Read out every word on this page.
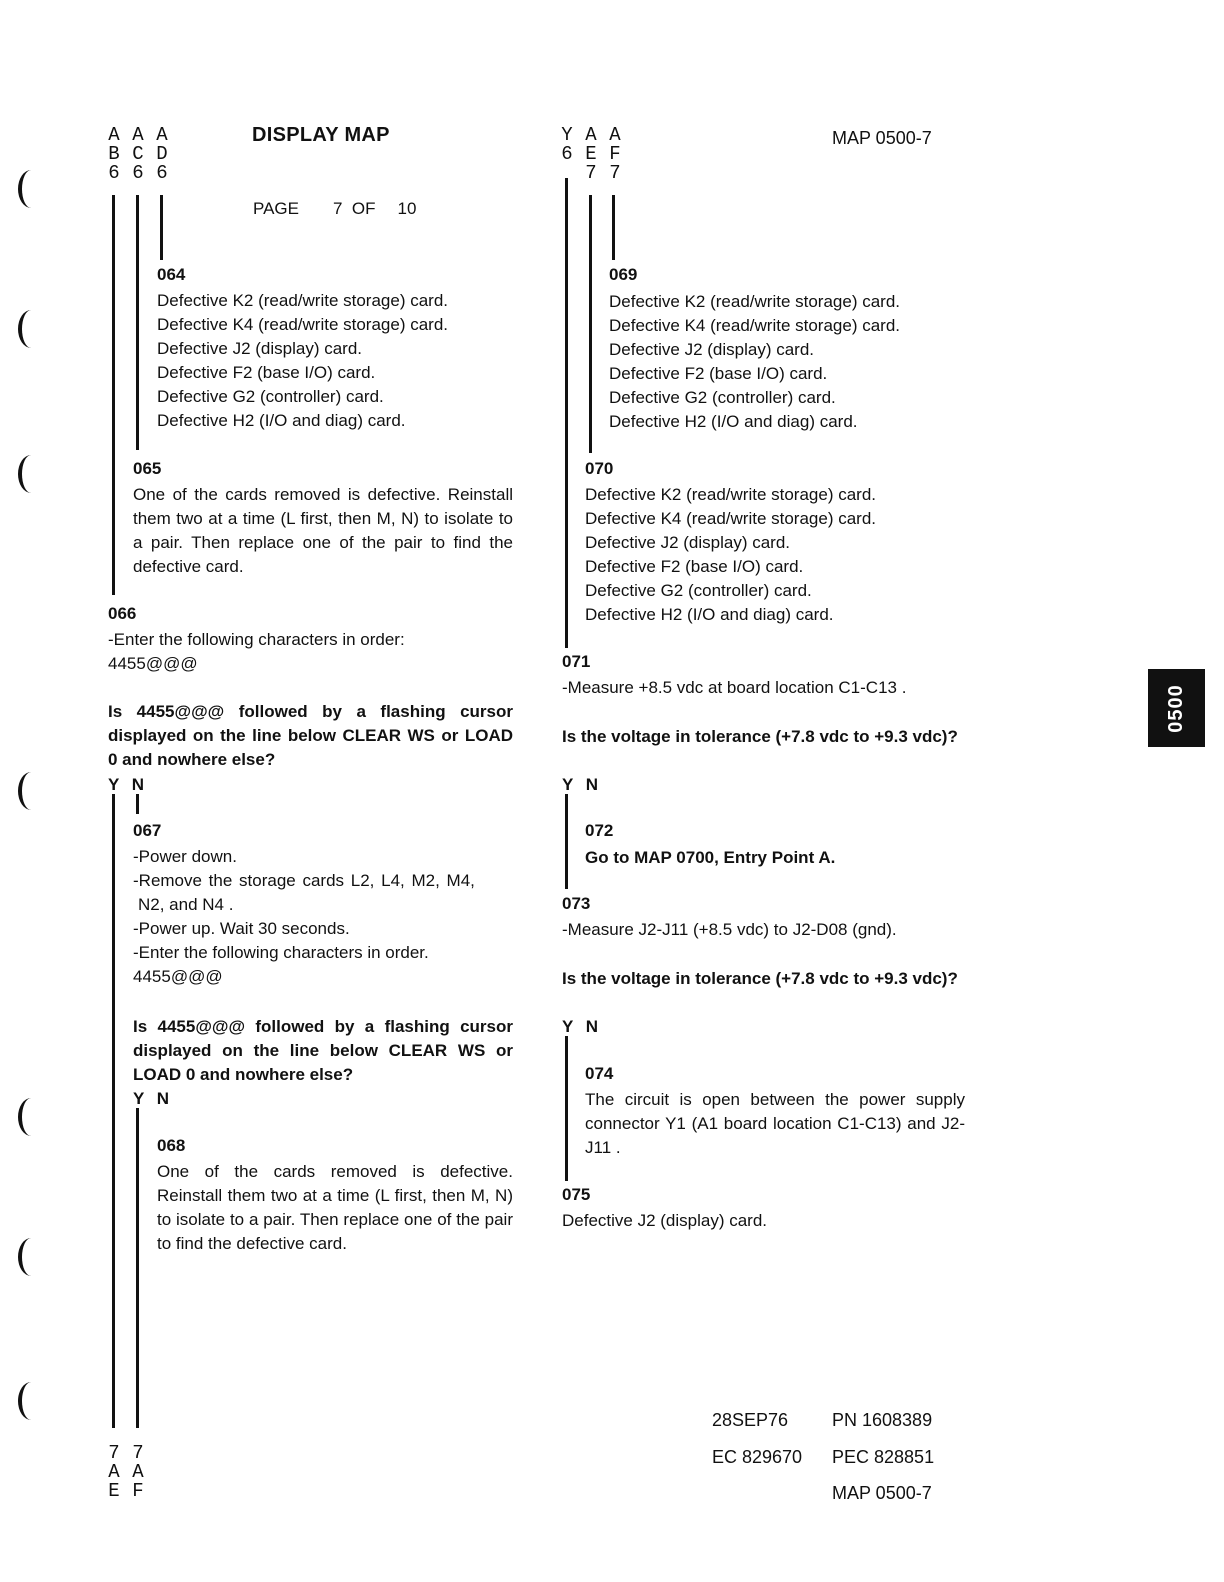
0500
A
B
6
A
C
6
A
D
6
DISPLAY MAP
PAGE 7 OF 10
064
Defective K2 (read/write storage) card.
Defective K4 (read/write storage) card.
Defective J2 (display) card.
Defective F2 (base I/O) card.
Defective G2 (controller) card.
Defective H2 (I/O and diag) card.
065
One of the cards removed is defective. Reinstall them two at a time (L first, then M, N) to isolate to a pair. Then replace one of the pair to find the defective card.
066
-Enter the following characters in order:
4455@@@
Is 4455@@@ followed by a flashing cursor displayed on the line below CLEAR WS or LOAD 0 and nowhere else?
Y N
067
-Power down.
-Remove the storage cards L2, L4, M2, M4,
N2, and N4 .
-Power up. Wait 30 seconds.
-Enter the following characters in order.
4455@@@
Is 4455@@@ followed by a flashing cursor displayed on the line below CLEAR WS or LOAD 0 and nowhere else?
Y N
068
One of the cards removed is defective. Reinstall them two at a time (L first, then M, N) to isolate to a pair. Then replace one of the pair to find the defective card.
7
A
E
7
A
F
Y
6
A
E
7
A
F
7
MAP 0500-7
069
Defective K2 (read/write storage) card.
Defective K4 (read/write storage) card.
Defective J2 (display) card.
Defective F2 (base I/O) card.
Defective G2 (controller) card.
Defective H2 (I/O and diag) card.
070
Defective K2 (read/write storage) card.
Defective K4 (read/write storage) card.
Defective J2 (display) card.
Defective F2 (base I/O) card.
Defective G2 (controller) card.
Defective H2 (I/O and diag) card.
071
-Measure +8.5 vdc at board location C1-C13 .
Is the voltage in tolerance (+7.8 vdc to +9.3 vdc)?
Y N
072
Go to MAP 0700, Entry Point A.
073
-Measure J2-J11 (+8.5 vdc) to J2-D08 (gnd).
Is the voltage in tolerance (+7.8 vdc to +9.3 vdc)?
Y N
074
The circuit is open between the power supply connector Y1 (A1 board location C1-C13) and J2-J11 .
075
Defective J2 (display) card.
28SEP76 PN 1608389
EC 829670 PEC 828851
MAP 0500-7
